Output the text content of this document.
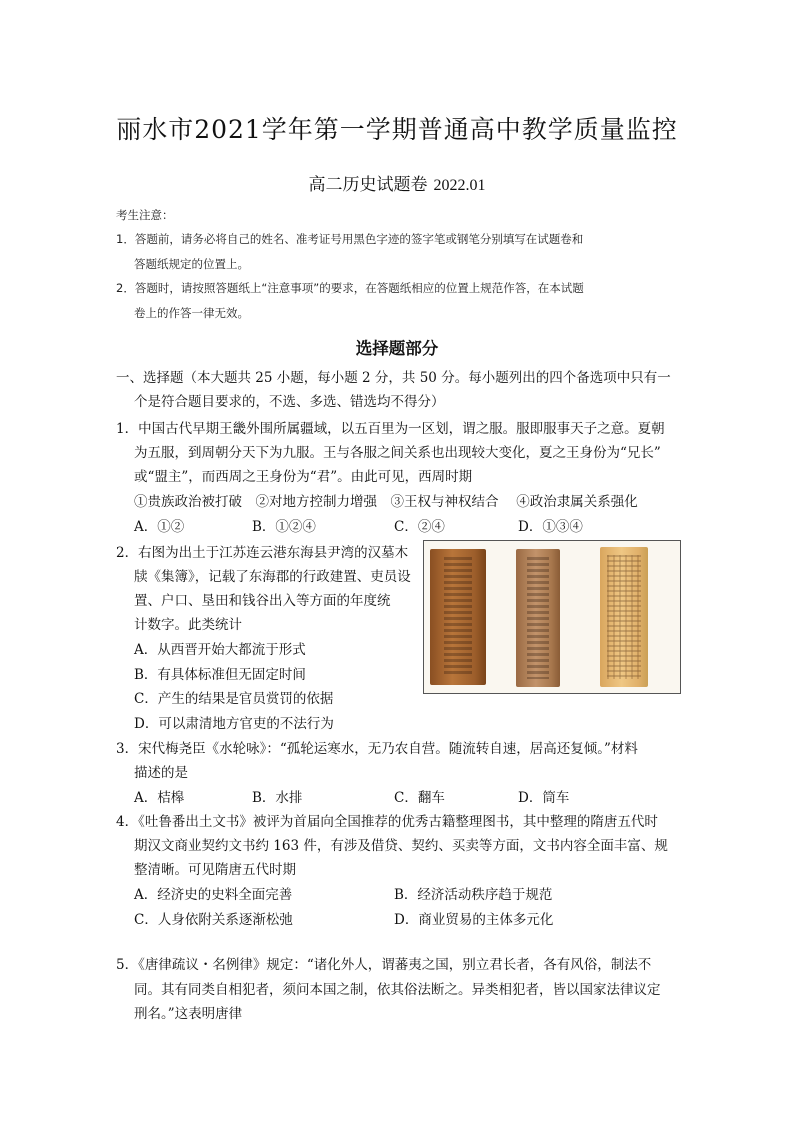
丽水市2021学年第一学期普通高中教学质量监控
高二历史试题卷 2022.01
考生注意：
1．答题前，请务必将自己的姓名、准考证号用黑色字迹的签字笔或钢笔分别填写在试题卷和
答题纸规定的位置上。
2．答题时，请按照答题纸上“注意事项”的要求，在答题纸相应的位置上规范作答，在本试题
卷上的作答一律无效。
选择题部分
一、选择题（本大题共 25 小题，每小题 2 分，共 50 分。每小题列出的四个备选项中只有一
个是符合题目要求的，不选、多选、错选均不得分）
1．中国古代早期王畿外围所属疆域，以五百里为一区划，谓之服。服即服事天子之意。夏朝
为五服，到周朝分天下为九服。王与各服之间关系也出现较大变化，夏之王身份为“兄长”
或“盟主”，而西周之王身份为“君”。由此可见，西周时期
①贵族政治被打破　②对地方控制力增强　③王权与神权结合　 ④政治隶属关系强化
A．①②	B．①②④	C．②④	D．①③④
2．右图为出土于江苏连云港东海县尹湾的汉墓木
牍《集簿》，记载了东海郡的行政建置、吏员设
置、户口、垦田和钱谷出入等方面的年度统
计数字。此类统计
A．从西晋开始大都流于形式
B．有具体标准但无固定时间
C．产生的结果是官员赏罚的依据
D．可以肃清地方官吏的不法行为
3．宋代梅尧臣《水轮咏》：“孤轮运寒水，无乃农自营。随流转自速，居高还复倾。”材料
描述的是
A．桔槔	B．水排	C．翻车	D．筒车
4．《吐鲁番出土文书》被评为首届向全国推荐的优秀古籍整理图书，其中整理的隋唐五代时
期汉文商业契约文书约 163 件，有涉及借贷、契约、买卖等方面，文书内容全面丰富、规
整清晰。可见隋唐五代时期
A．经济史的史料全面完善	B．经济活动秩序趋于规范
C．人身依附关系逐渐松弛	D．商业贸易的主体多元化
5．《唐律疏议・名例律》规定：“诸化外人，谓蕃夷之国，别立君长者，各有风俗，制法不
同。其有同类自相犯者，须问本国之制，依其俗法断之。异类相犯者，皆以国家法律议定
刑名。”这表明唐律
